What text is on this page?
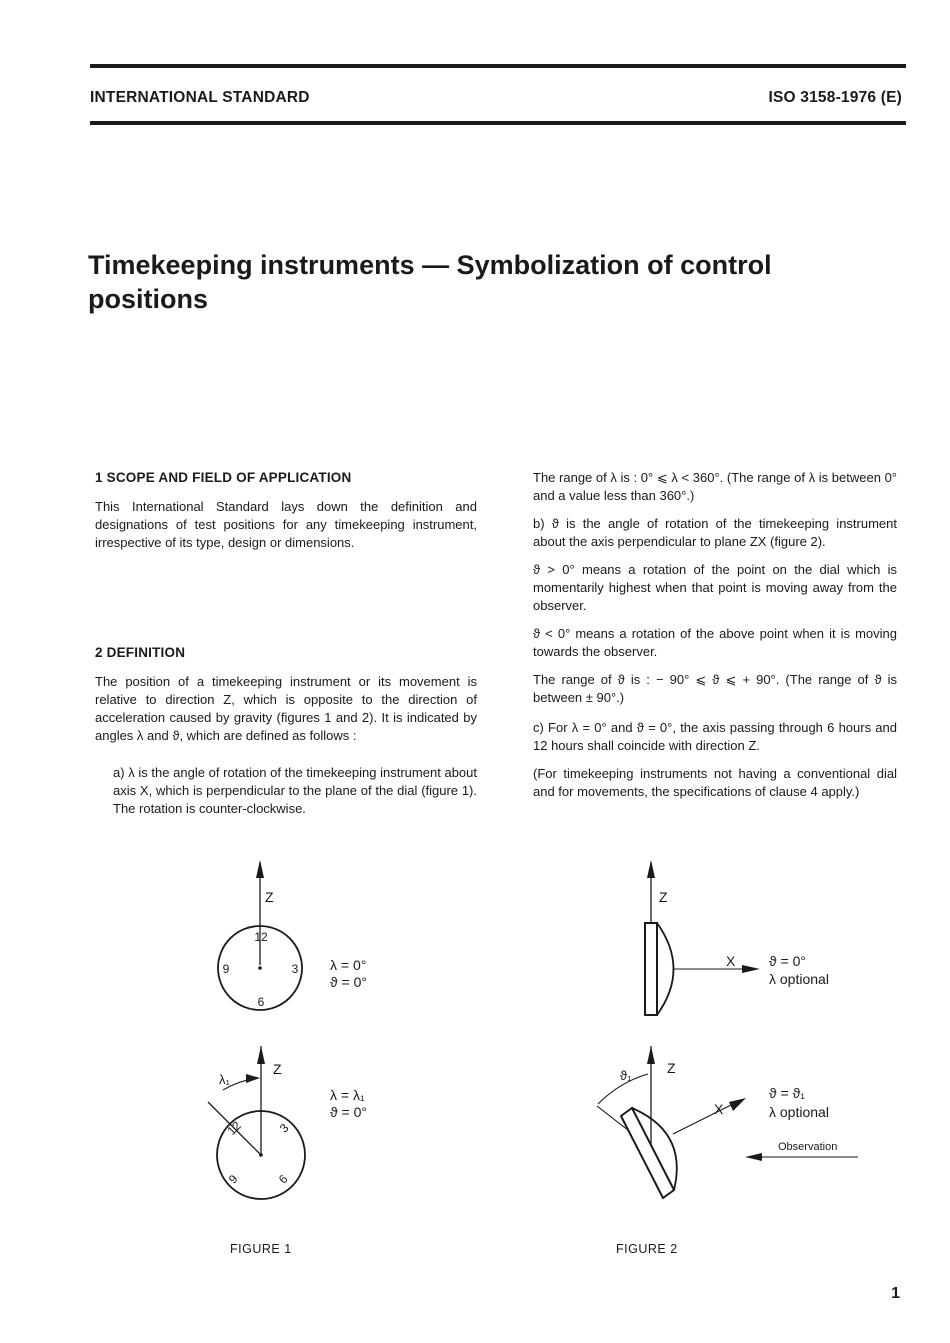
INTERNATIONAL STANDARD	ISO 3158-1976 (E)
Timekeeping instruments — Symbolization of control positions
1 SCOPE AND FIELD OF APPLICATION

This International Standard lays down the definition and designations of test positions for any timekeeping instrument, irrespective of its type, design or dimensions.

2 DEFINITION

The position of a timekeeping instrument or its movement is relative to direction Z, which is opposite to the direction of acceleration caused by gravity (figures 1 and 2). It is indicated by angles λ and ϑ, which are defined as follows :

a) λ is the angle of rotation of the timekeeping instrument about axis X, which is perpendicular to the plane of the dial (figure 1). The rotation is counter-clockwise.

The range of λ is : 0° ⩽ λ < 360°. (The range of λ is between 0° and a value less than 360°.)

b) ϑ is the angle of rotation of the timekeeping instrument about the axis perpendicular to plane ZX (figure 2).

ϑ > 0° means a rotation of the point on the dial which is momentarily highest when that point is moving away from the observer.

ϑ < 0° means a rotation of the above point when it is moving towards the observer.

The range of ϑ is : − 90° ⩽ ϑ ⩽ + 90°. (The range of ϑ is between ± 90°.)

c) For λ = 0° and ϑ = 0°, the axis passing through 6 hours and 12 hours shall coincide with direction Z.

(For timekeeping instruments not having a conventional dial and for movements, the specifications of clause 4 apply.)

Z
12
3
6
9	λ = 0°
ϑ = 0°
Z
λ₁
12	3
6
9
λ = λ₁
ϑ = 0°
Z
X ϑ = 0°
λ optional
Z
ϑ₁
X
ϑ = ϑ₁
λ optional
Observation
FIGURE 1	FIGURE 2
1
